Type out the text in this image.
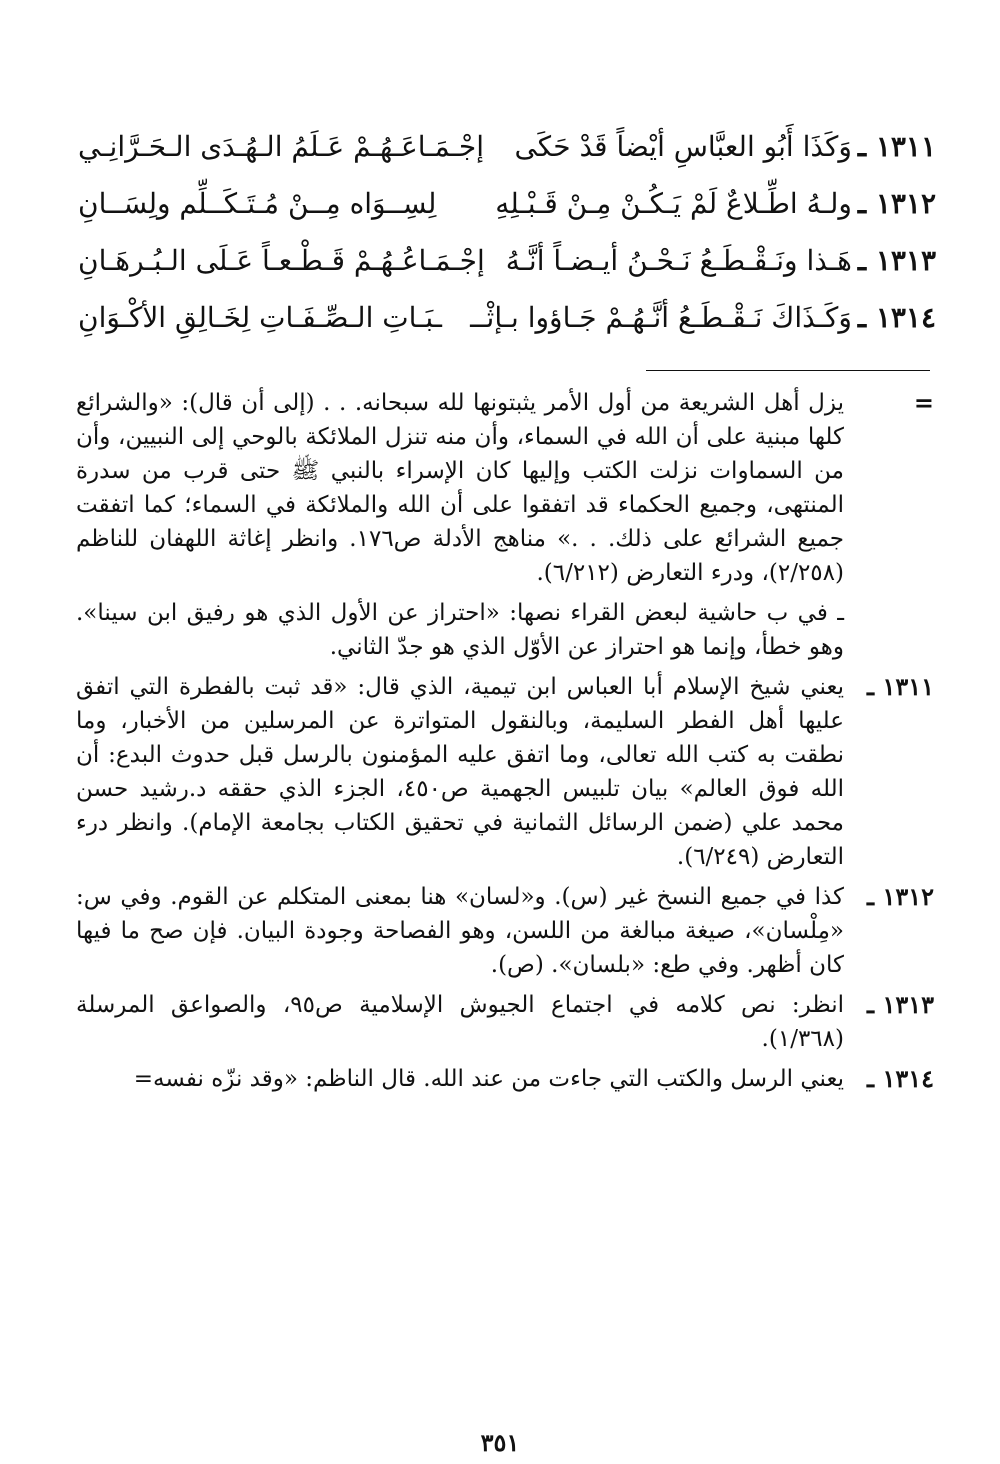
١٣١١ ـ
وَكَذَا أَبُو العبَّاسِ أيْضاً قَدْ حَكَى
إجْـمَـاعَـهُـمْ عَـلَمُ الـهُـدَى الـحَـرَّانِـي
١٣١٢ ـ
ولـهُ اطِّـلاعٌ لَمْ يَـكُـنْ مِـنْ قَـبْـلِهِ
لِسِــوَاه مِــنْ مُـتَـكَــلِّم ولِسَــانِ
١٣١٣ ـ
هَـذا ونَـقْـطَـعُ نَـحْـنُ أيـضـاً أنَّـهُ
إجْـمَـاعُـهُـمْ قَـطْـعـاً عَـلَى الـبُـرهَـانِ
١٣١٤ ـ
وَكَـذَاكَ نَـقْـطَـعُ أنَّـهُـمْ جَـاؤوا بـإثْــ
ـبَـاتِ الـصِّـفَـاتِ لِخَـالِقِ الأكْـوَانِ
=
يزل أهل الشريعة من أول الأمر يثبتونها لله سبحانه. . . (إلى أن قال): «والشرائع كلها مبنية على أن الله في السماء، وأن منه تنزل الملائكة بالوحي إلى النبيين، وأن من السماوات نزلت الكتب وإليها كان الإسراء بالنبي ﷺ حتى قرب من سدرة المنتهى، وجميع الحكماء قد اتفقوا على أن الله والملائكة في السماء؛ كما اتفقت جميع الشرائع على ذلك. . .» مناهج الأدلة ص١٧٦. وانظر إغاثة اللهفان للناظم (٢/٢٥٨)، ودرء التعارض (٦/٢١٢).
ـ في ب حاشية لبعض القراء نصها: «احتراز عن الأول الذي هو رفيق ابن سينا». وهو خطأ، وإنما هو احتراز عن الأوّل الذي هو جدّ الثاني.
١٣١١ ـ
يعني شيخ الإسلام أبا العباس ابن تيمية، الذي قال: «قد ثبت بالفطرة التي اتفق عليها أهل الفطر السليمة، وبالنقول المتواترة عن المرسلين من الأخبار، وما نطقت به كتب الله تعالى، وما اتفق عليه المؤمنون بالرسل قبل حدوث البدع: أن الله فوق العالم» بيان تلبيس الجهمية ص٤٥٠، الجزء الذي حققه د.رشيد حسن محمد علي (ضمن الرسائل الثمانية في تحقيق الكتاب بجامعة الإمام). وانظر درء التعارض (٦/٢٤٩).
١٣١٢ ـ
كذا في جميع النسخ غير (س). و«لسان» هنا بمعنى المتكلم عن القوم. وفي س: «مِلْسان»، صيغة مبالغة من اللسن، وهو الفصاحة وجودة البيان. فإن صح ما فيها كان أظهر. وفي طع: «بلسان». (ص).
١٣١٣ ـ
انظر: نص كلامه في اجتماع الجيوش الإسلامية ص٩٥، والصواعق المرسلة (١/٣٦٨).
١٣١٤ ـ
يعني الرسل والكتب التي جاءت من عند الله. قال الناظم: «وقد نزّه نفسه=
٣٥١
